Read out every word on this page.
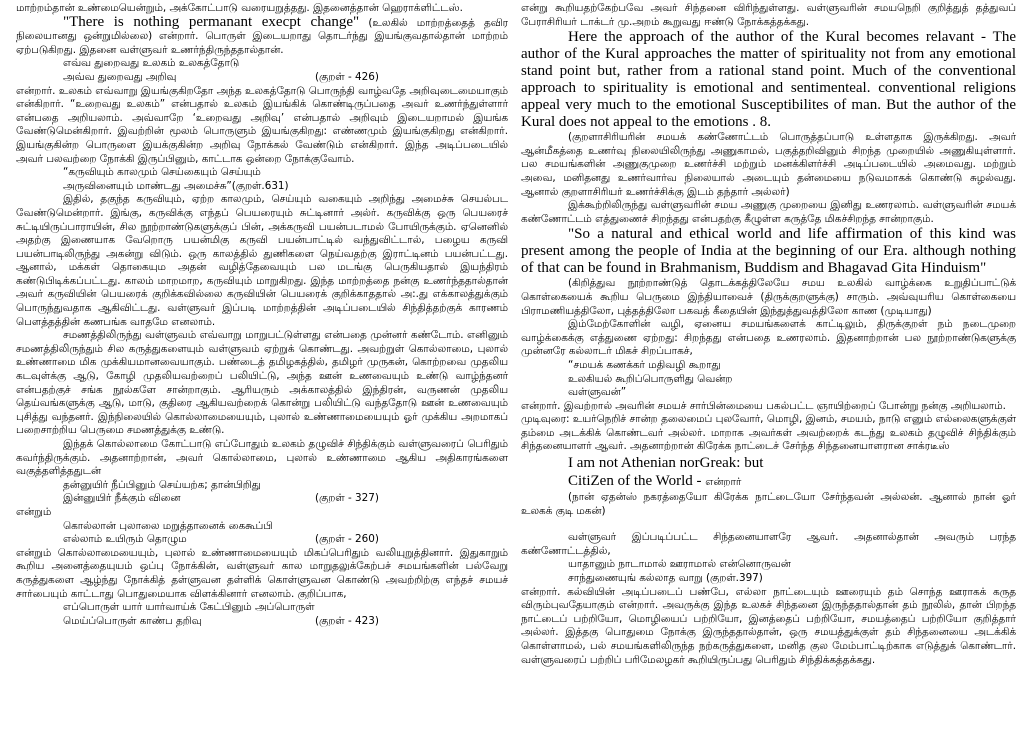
மாற்றம்தான் உண்மையென்றும், அக்கோட்பாடு வரையறுத்தது. இதனைத்தான் ஹெராக்ளிட்டஸ்.

"There is nothing permanant execpt change" (உலகில் மாற்றத்தைத் தவிர நிலையானது ஒன்றுமில்லை) என்றார். பொருள் இடையறாது தொடர்ந்து இயங்குவதால்தான் மாற்றம் ஏற்படுகிறது. இதனை வள்ளுவர் உணர்ந்திருந்ததால்தான்.

எவ்வ துறைவது உலகம் உலகத்தோடு
அவ்வ துறைவது அறிவு	(குறள் - 426)

என்றார். உலகம் எவ்வாறு இயங்குகிறதோ அந்த உலகத்தோடு பொருந்தி வாழ்வதே அறிவுடைமையாகும் என்கிறார். “உறைவது உலகம்” என்பதால் உலகம் இயங்கிக் கொண்டிருப்பதை அவர் உணர்ந்துள்ளார் என்பதை அறியலாம். அவ்வாறே ‘உறைவது அறிவு’ என்பதால் அறிவும் இடையறாமல் இயங்க வேண்டுமென்கிறார். இவற்றின் மூலம் பொருளும் இயங்குகிறது: எண்ணமும் இயங்குகிறது என்கிறார். இயங்குகின்ற பொருளை இயக்குகின்ற அறிவு நோக்கல் வேண்டும் என்கிறார். இந்த அடிப்படையில் அவர் பலவற்றை நோக்கி இருப்பினும், காட்டாக ஒன்றை நோக்குவோம்.

“கருவியும் காலமும் செய்கையும் செய்யும்
அருவினையும் மாண்டது அமைச்சு”(குறள்.631)

இதில், தகுந்த கருவியும், ஏற்ற காலமும், செய்யும் வகையும் அறிந்து அமைச்சு செயல்பட வேண்டுமென்றார். இங்கு, கருவிக்கு எந்தப் பெயரையும் சுட்டினார் அல்ர். கருவிக்கு ஒரு பெயரைச் சுட்டியிருப்பாராயின், சில நூற்றாண்டுகளுக்குப் பின், அக்கருவி பயன்படாமல் போயிருக்கும். ஏனெனில் அதற்கு இணையாக வேறொரு பயன்மிகு கருவி பயன்பாட்டில் வந்துவிட்டால், பழைய கருவி பயன்பாடிலிருந்து அகன்று விடும். ஒரு காலத்தில் துணிகளை நெய்வதற்கு இராட்டினம் பயன்பட்டது. ஆனால், மக்கள் தொகையும அதன் வழித்தேவையும் பல மடங்கு பெருகியதால் இயந்திரம் கண்டுபிடிக்கப்பட்டது. காலம் மாறமாற, கருவியும் மாறுகிறது. இந்த மாற்றத்தை நன்கு உணர்ந்ததால்தான் அவர் கருவியின் பெயரைக் குறிக்கவில்லை கருவியின் பெயரைக் குறிக்காததால் அ:.து எக்காலத்துக்கும் பொருந்துவதாக ஆகிவிட்டது. வள்ளுவர் இப்படி மாற்றத்தின் அடிப்படையில் சிந்தித்தற்குக் காரணம் பௌத்தத்தின் கணபங்க வாதமே எனலாம்.

சமணத்திலிருந்து வள்ளுவம் எவ்வாறு மாறுபட்டுள்ளது என்பதை முன்னர் கண்டோம். எனினும் சமணத்திலிருந்தும் சில கருத்துகளையும் வள்ளுவம் ஏற்றுக் கொண்டது. அவற்றுள் கொல்லாமை, புலால் உண்ணாமை மிக முக்கியமானவையாகும். பண்டைத் தமிழகத்தில், தமிழர் முருகன், கொற்றவை முதலிய கடவுள்க்கு ஆடு, கோழி முதலியவற்றைப் பலியிட்டு, அந்த ஊன் உணவையும் உண்டு வாழ்ந்தனர் என்பதற்குச் சங்க நூல்களே சான்றாகும். ஆரியரும் அக்காலத்தில் இந்திரன், வருணன் முதலிய தெய்வங்களுக்கு ஆடு, மாடு, குதிரை ஆகியவற்றைக் கொன்று பலியிட்டு வந்ததோடு ஊன் உணவையும் புசித்து வந்தனர். இந்நிலையில் கொல்லாமையையும், புலால் உண்ணாமையையும் ஓர் முக்கிய அறமாகப் பறைசாற்றிய பெருமை சமணத்துக்கு உண்டு.

இந்தக் கொல்லாமை கோட்பாடு எப்போதும் உலகம் தழுவிச் சிந்திக்கும் வள்ளுவரைப் பெரிதும் கவர்ந்திருக்கும். அதனாற்றான், அவர் கொல்லாமை, புலால் உண்ணாமை ஆகிய அதிகாரங்களை வகுத்தளித்ததுடன்

தன்னுயிர் நீப்பினும் செய்யற்க; தான்பிறிது
இன்னுயிர் நீக்கும் வினை	(குறள் - 327)

என்றும்

கொல்லான் புலாலை மறுத்தானைக் கைகூப்பி
எல்லாம் உயிரும் தொழும	(குறள் - 260)

என்றும் கொல்லாமையையும், புலால் உண்ணாமையையும் மிகப்பெரிதும் வலியுறுத்தினார். இதுகாறும் கூறிய அனைத்தையுயம் ஒப்பு நோக்கின், வள்ளுவர் கால மாறுதலுக்கேற்பச் சமயங்களின் பல்வேறு கருத்துகளை ஆழ்ந்து நோக்கித் தள்ளுவன தள்ளிக் கொள்ளுவன கொண்டு அவற்றிற்கு எந்தச் சமயச் சார்பையும் காட்டாது பொதுமையாக விளக்கினார் எனலாம். குறிப்பாக,

எப்பொருள் யார் யார்வாய்க் கேட்பினும் அப்பொருள்
மெய்ப்பொருள் காண்ப தறிவு	(குறள் - 423)

என்று கூறியதற்கேற்பவே அவர் சிந்தனை விரிந்துள்ளது. வள்ளுவரின் சமயநெறி குறித்துத் தத்துவப் பேராசிரியர் டாக்டர் மு.அறம் கூறுவது ஈண்டு நோக்கத்தக்கது.

Here the approach of the author of the Kural becomes relavant - The author of the Kural approaches the matter of spirituality not from any emotional stand point but, rather from a rational stand point. Much of the conventional approach to spirituality is emotional and sentimenteal. conventional religions appeal very much to the emotional Susceptibilites of man. But the author of the Kural does not appeal to the emotions . 8.

(குறளாசிரியரின் சமயக் கண்ணோட்டம் பொருத்தப்பாடு உள்ளதாக இருக்கிறது. அவர் ஆன்மீகத்தை உணர்வு நிலையிலிருந்து அணுகாமல், பகுத்தறிவினும் சிறந்த முறையில் அணுகியுள்ளார். பல சமயங்களின் அணுகுமுறை உணர்ச்சி மற்றும் மனக்கிளர்ச்சி அடிப்படையில் அமைவது. மற்றும் அவை, மனிதனது உணர்வார்வ நிலையால் அடையும் தன்மையை நடுவமாகக் கொண்டு சுழல்வது. ஆனால் குறளாசிரியர் உணர்ச்சிக்கு இடம் தந்தார் அல்லர்)

இக்கூற்றிலிருந்து வள்ளுவரின் சமய அணுகு முறையை இனிது உணரலாம். வள்ளுவரின் சமயக் கண்ணோட்டம் எத்துணைச் சிறந்தது என்பதற்கு கீழுள்ள கருத்தே மிகச்சிறந்த சான்றாகும்.

"So a natural and ethical world and life affirmation of this kind was present among the people of India at the beginning of our Era. although nothing of that can be found in Brahmanism, Buddism and Bhagavad Gita Hinduism"

(கிறித்துவ நூற்றாண்டுத் தொடக்கத்திலேயே சமய உலகில் வாழ்க்கை உறுதிப்பாட்டுக் கொள்கையைக் கூறிய பெருமை இந்தியாவைச் (திருக்குறளுக்கு) சாரும். அவ்வுயரிய கொள்கையை பிராமணியத்திலோ, புத்தத்திலோ பகவத் கீதையின் இந்துத்துவத்திலோ காண (முடியாது)

இம்மேற்கோளின் வழி, ஏனைய சமயங்களைக் காட்டிலும், திருக்குறள் நம் நடைமுறை வாழ்க்கைக்கு எத்துணை ஏற்றது: சிறந்தது என்பதை உணரலாம். இதனாற்றான் பல நூற்றாண்டுகளுக்கு முன்னரே கல்லாடர் மிகச் சிறப்பாகச்,

“சமயக் கணக்கர் மதிவழி கூறாது
உலகியல் கூறிப்பொருளிது வென்ற
வள்ளுவன்”

என்றார். இவற்றால் அவரின் சமயச் சார்பின்மையை பகல்பட்ட ஞாயிற்றைப் போன்று நன்கு அறியலாம்.

முடிவுரை: உயர்நெறிச் சான்ற தலைமைப் புலவோர், மொழி, இனம், சமயம், நாடு எனும் எல்லைகளுக்குள் தம்மை அடக்கிக் கொண்டவர் அல்லர். மாறாக அவர்கள் அவற்றைக் கடந்து உலகம் தழுவிச் சிந்திக்கும் சிந்தனையாளர் ஆவர். அதனாற்றான் கிரேக்க நாட்டைச் சேர்ந்த சிந்தனையாளரான சாக்ரடீஸ்

I am not Athenian norGreak: but
CitiZen of the World - என்றார்

(நான் ஏதன்ஸ் நகரத்தையோ கிரேக்க நாட்டையோ சேர்ந்தவன் அல்லன். ஆனால் நான் ஓர் உலகக் குடி மகன்)

வள்ளுவர் இப்படிப்பட்ட சிந்தனையாளரே ஆவர். அதனால்தான் அவரும் பரந்த கண்ணோட்டத்தில்,

யாதானும் நாடாமால் ஊராமால் என்னொருவன்
சாந்துணையுங் கல்லாத வாறு (குறள்.397)

என்றார். கல்வியின் அடிப்படைப் பண்பே, எல்லா நாட்டையும் ஊரையும் தம் சொந்த ஊராகக் கருத விரும்புவதேயாகும் என்றார். அவருக்கு இந்த உலகச் சிந்தனை இருந்ததால்தான் தம் நூலில், தான் பிறந்த நாட்டைப் பற்றியோ, மொழியைப் பற்றியோ, இனத்தைப் பற்றியோ, சமயத்தைப் பற்றியோ குறித்தார் அல்லர். இத்தகு பொதுமை நோக்கு இருந்ததால்தான், ஒரு சமயத்துக்குள் தம் சிந்தனையை அடக்கிக் கொள்ளாமல், பல் சமயங்களிலிருந்த நற்கருத்துகளை, மனித குல மேம்பாட்டிற்காக எடுத்துக் கொண்டார். வள்ளுவரைப் பற்றிப் பரிமேலழகர் கூறியிருப்பது பெரிதும் சிந்திக்கத்தக்கது.
